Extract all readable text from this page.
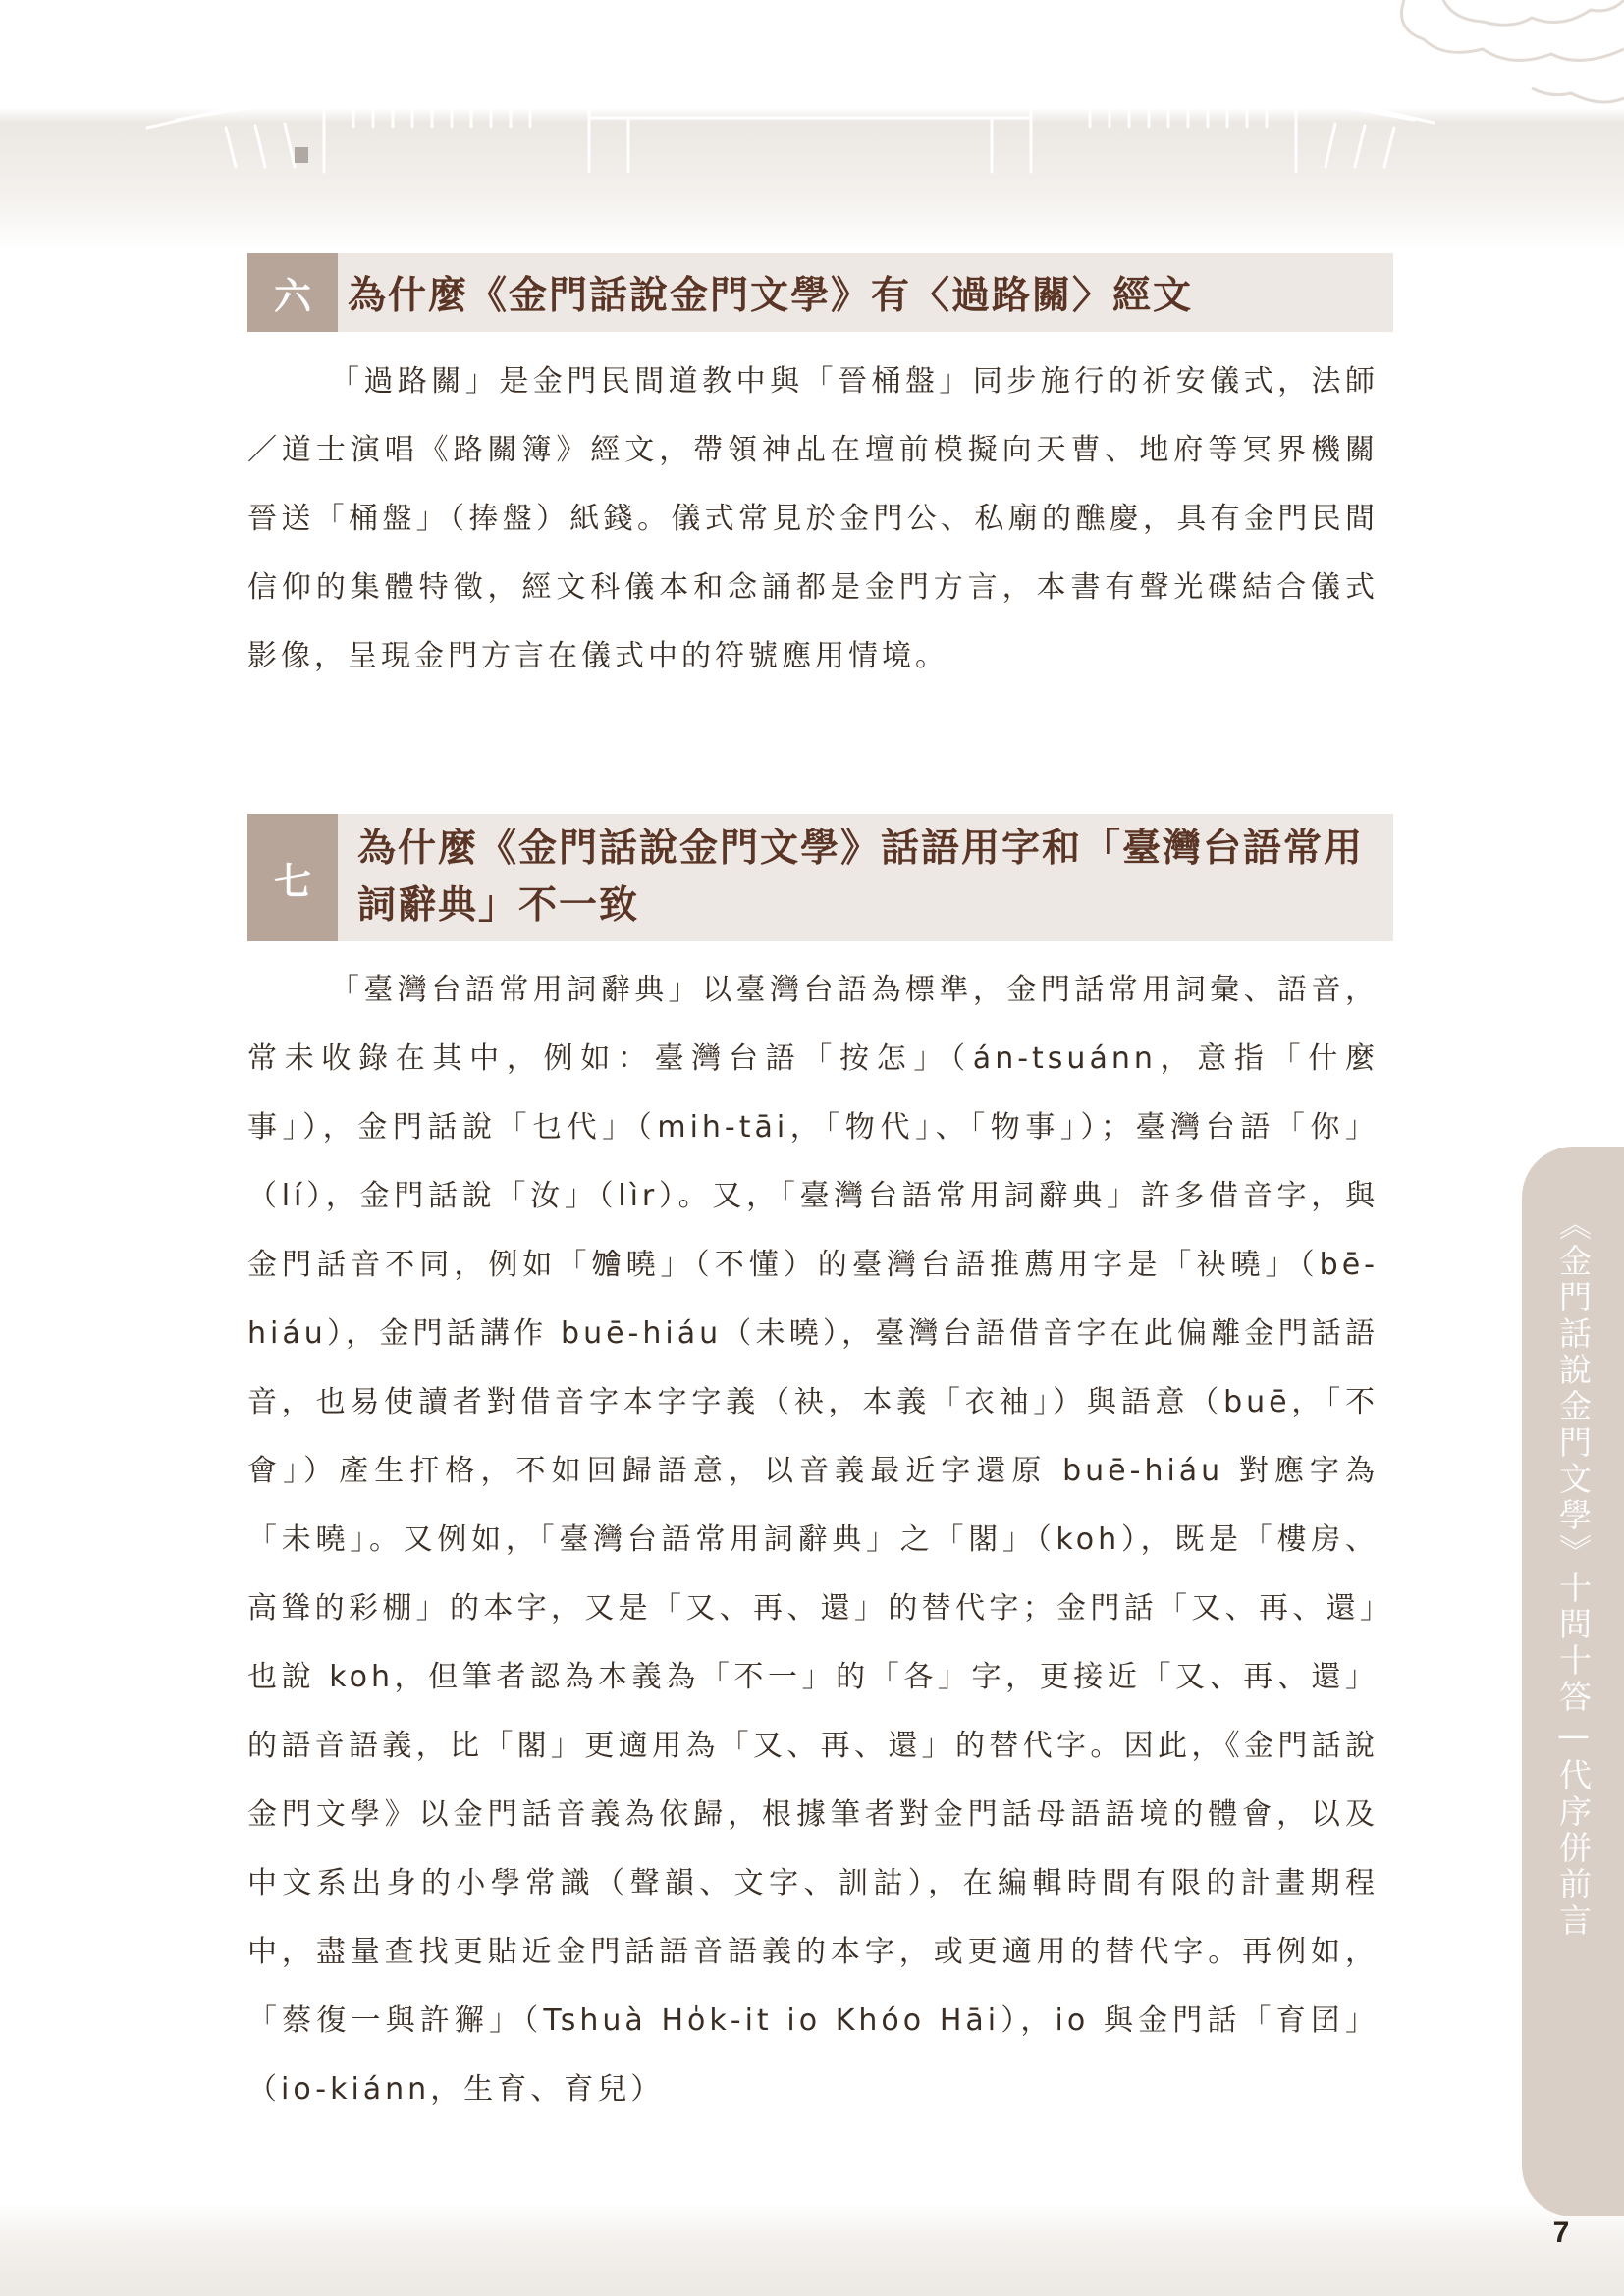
六 為什麼《金門話說金門文學》有〈過路關〉經文

「過路關」是金門民間道教中與「晉桶盤」同步施行的祈安儀式，法師／道士演唱《路關簿》經文，帶領神乩在壇前模擬向天曹、地府等冥界機關晉送「桶盤」（捧盤）紙錢。儀式常見於金門公、私廟的醮慶，具有金門民間信仰的集體特徵，經文科儀本和念誦都是金門方言，本書有聲光碟結合儀式影像，呈現金門方言在儀式中的符號應用情境。

七
為什麼《金門話說金門文學》話語用字和「臺灣台語常用詞辭典」不一致

「臺灣台語常用詞辭典」以臺灣台語為標準，金門話常用詞彙、語音，常未收錄在其中，例如：臺灣台語「按怎」（án-tsuánn，意指「什麼事」），金門話說「乜代」（mih-tāi，「物代」、「物事」）；臺灣台語「你」（lí），金門話說「汝」（lìr）。又，「臺灣台語常用詞辭典」許多借音字，與金門話音不同，例如「𣍐曉」（不懂）的臺灣台語推薦用字是「袂曉」（bē-hiáu），金門話講作 buē-hiáu（未曉），臺灣台語借音字在此偏離金門話語音，也易使讀者對借音字本字字義（袂，本義「衣袖」）與語意（buē，「不會」）產生扞格，不如回歸語意，以音義最近字還原 buē-hiáu 對應字為「未曉」。又例如，「臺灣台語常用詞辭典」之「閣」（koh），既是「樓房、高聳的彩棚」的本字，又是「又、再、還」的替代字；金門話「又、再、還」也說 koh，但筆者認為本義為「不一」的「各」字，更接近「又、再、還」的語音語義，比「閣」更適用為「又、再、還」的替代字。因此，《金門話說金門文學》以金門話音義為依歸，根據筆者對金門話母語語境的體會，以及中文系出身的小學常識（聲韻、文字、訓詁），在編輯時間有限的計畫期程中，盡量查找更貼近金門話語音語義的本字，或更適用的替代字。再例如，「蔡復一與許獬」（Tshuà Ho̍k-it io Khóo Hāi），io 與金門話「育囝」（io-kiánn，生育、育兒）

《金門話說金門文學》十問十答—代序併前言
7
